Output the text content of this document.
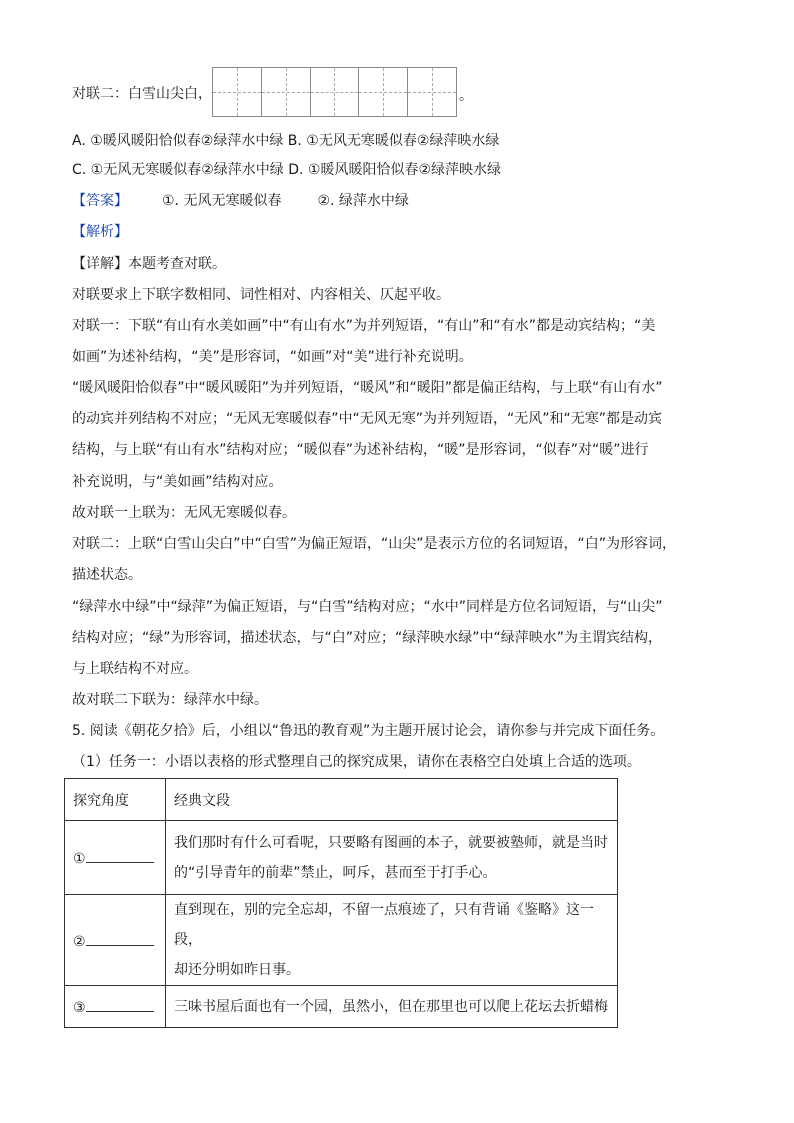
对联二：白雪山尖白，	。
A. ①暖风暖阳恰似春②绿萍水中绿 B. ①无风无寒暖似春②绿萍映水绿
C. ①无风无寒暖似春②绿萍水中绿 D. ①暖风暖阳恰似春②绿萍映水绿
【答案】 ①. 无风无寒暖似春	②. 绿萍水中绿
【解析】
【详解】本题考查对联。
对联要求上下联字数相同、词性相对、内容相关、仄起平收。
对联一：下联“有山有水美如画”中“有山有水”为并列短语，“有山”和“有水”都是动宾结构；“美
如画”为述补结构，“美”是形容词，“如画”对“美”进行补充说明。
“暖风暖阳恰似春”中“暖风暖阳”为并列短语，“暖风”和“暖阳”都是偏正结构，与上联“有山有水”
的动宾并列结构不对应；“无风无寒暖似春”中“无风无寒”为并列短语，“无风”和“无寒”都是动宾
结构，与上联“有山有水”结构对应；“暖似春”为述补结构，“暖”是形容词，“似春”对“暖”进行
补充说明，与“美如画”结构对应。
故对联一上联为：无风无寒暖似春。
对联二：上联“白雪山尖白”中“白雪”为偏正短语，“山尖”是表示方位的名词短语，“白”为形容词，
描述状态。
“绿萍水中绿”中“绿萍”为偏正短语，与“白雪”结构对应；“水中”同样是方位名词短语，与“山尖”
结构对应；“绿”为形容词，描述状态，与“白”对应；“绿萍映水绿”中“绿萍映水”为主谓宾结构，
与上联结构不对应。
故对联二下联为：绿萍水中绿。
5. 阅读《朝花夕拾》后，小组以“鲁迅的教育观”为主题开展讨论会，请你参与并完成下面任务。
（1）任务一：小语以表格的形式整理自己的探究成果，请你在表格空白处填上合适的选项。
探究角度	经典文段
①	我们那时有什么可看呢，只要略有图画的本子，就要被塾师，就是当时
的“引导青年的前辈”禁止，呵斥，甚而至于打手心。

②	直到现在，别的完全忘却，不留一点痕迹了，只有背诵《鉴略》这一段，
却还分明如昨日事。

③	三味书屋后面也有一个园，虽然小，但在那里也可以爬上花坛去折蜡梅
